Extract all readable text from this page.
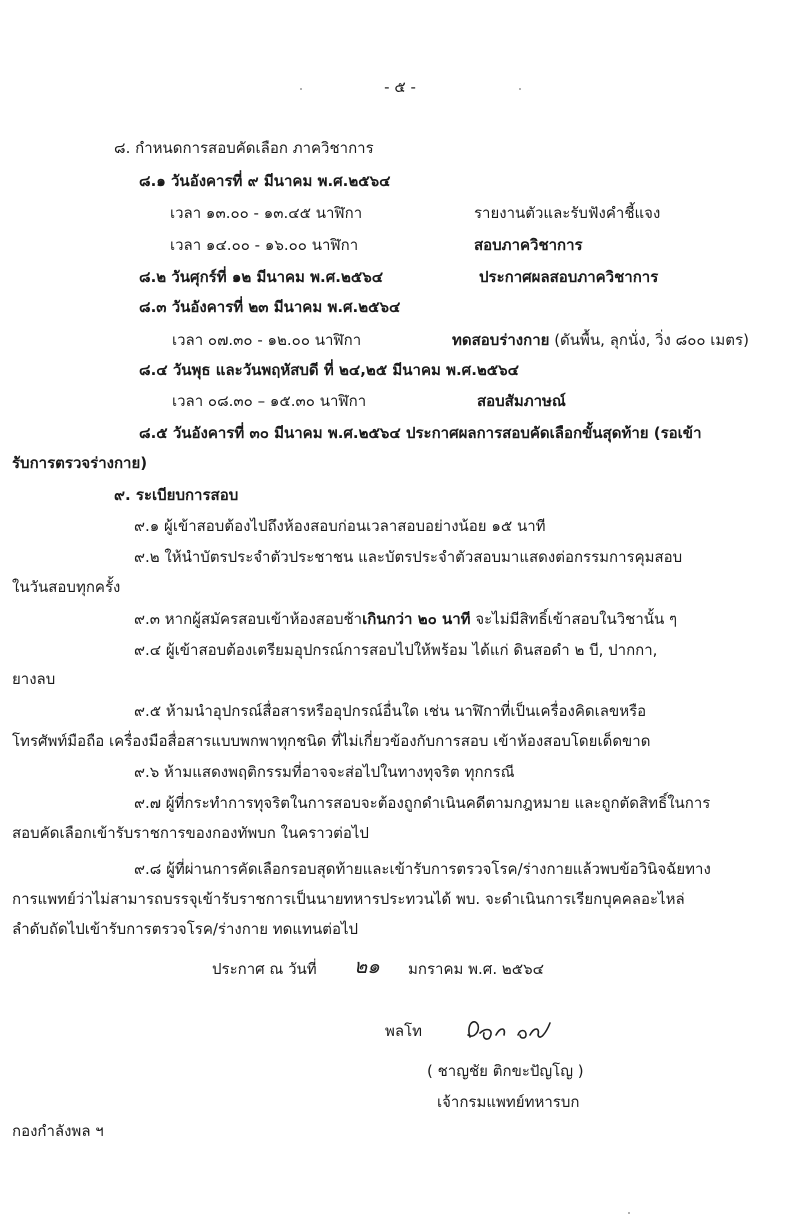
- ๕ -
๘. กำหนดการสอบคัดเลือก ภาควิชาการ
๘.๑ วันอังคารที่ ๙ มีนาคม พ.ศ.๒๕๖๔
เวลา ๑๓.๐๐ - ๑๓.๔๕ นาฬิกา	รายงานตัวและรับฟังคำชี้แจง
เวลา ๑๔.๐๐ - ๑๖.๐๐ นาฬิกา	สอบภาควิชาการ
๘.๒ วันศุกร์ที่ ๑๒ มีนาคม พ.ศ.๒๕๖๔	ประกาศผลสอบภาควิชาการ
๘.๓ วันอังคารที่ ๒๓ มีนาคม พ.ศ.๒๕๖๔
เวลา ๐๗.๓๐ - ๑๒.๐๐ นาฬิกา	ทดสอบร่างกาย (ดันพื้น, ลุกนั่ง, วิ่ง ๘๐๐ เมตร)
๘.๔ วันพุธ และวันพฤหัสบดี ที่ ๒๔,๒๕ มีนาคม พ.ศ.๒๕๖๔
เวลา ๐๘.๓๐ – ๑๕.๓๐ นาฬิกา	สอบสัมภาษณ์
๘.๕ วันอังคารที่ ๓๐ มีนาคม พ.ศ.๒๕๖๔ ประกาศผลการสอบคัดเลือกขั้นสุดท้าย (รอเข้า
รับการตรวจร่างกาย)
๙. ระเบียบการสอบ
๙.๑ ผู้เข้าสอบต้องไปถึงห้องสอบก่อนเวลาสอบอย่างน้อย ๑๕ นาที
๙.๒ ให้นำบัตรประจำตัวประชาชน และบัตรประจำตัวสอบมาแสดงต่อกรรมการคุมสอบ
ในวันสอบทุกครั้ง
๙.๓ หากผู้สมัครสอบเข้าห้องสอบช้าเกินกว่า ๒๐ นาที จะไม่มีสิทธิ์เข้าสอบในวิชานั้น ๆ
๙.๔ ผู้เข้าสอบต้องเตรียมอุปกรณ์การสอบไปให้พร้อม ได้แก่ ดินสอดำ ๒ บี, ปากกา,
ยางลบ
๙.๕ ห้ามนำอุปกรณ์สื่อสารหรืออุปกรณ์อื่นใด เช่น นาฬิกาที่เป็นเครื่องคิดเลขหรือ
โทรศัพท์มือถือ เครื่องมือสื่อสารแบบพกพาทุกชนิด ที่ไม่เกี่ยวข้องกับการสอบ เข้าห้องสอบโดยเด็ดขาด
๙.๖ ห้ามแสดงพฤติกรรมที่อาจจะส่อไปในทางทุจริต ทุกกรณี
๙.๗ ผู้ที่กระทำการทุจริตในการสอบจะต้องถูกดำเนินคดีตามกฎหมาย และถูกตัดสิทธิ์ในการ
สอบคัดเลือกเข้ารับราชการของกองทัพบก ในคราวต่อไป
๙.๘ ผู้ที่ผ่านการคัดเลือกรอบสุดท้ายและเข้ารับการตรวจโรค/ร่างกายแล้วพบข้อวินิจฉัยทาง
การแพทย์ว่าไม่สามารถบรรจุเข้ารับราชการเป็นนายทหารประทวนได้ พบ. จะดำเนินการเรียกบุคคลอะไหล่
ลำดับถัดไปเข้ารับการตรวจโรค/ร่างกาย ทดแทนต่อไป
ประกาศ ณ วันที่ ๒๑ มกราคม พ.ศ. ๒๕๖๔
พลโท
( ชาญชัย ติกขะปัญโญ )
เจ้ากรมแพทย์ทหารบก
กองกำลังพล ฯ
